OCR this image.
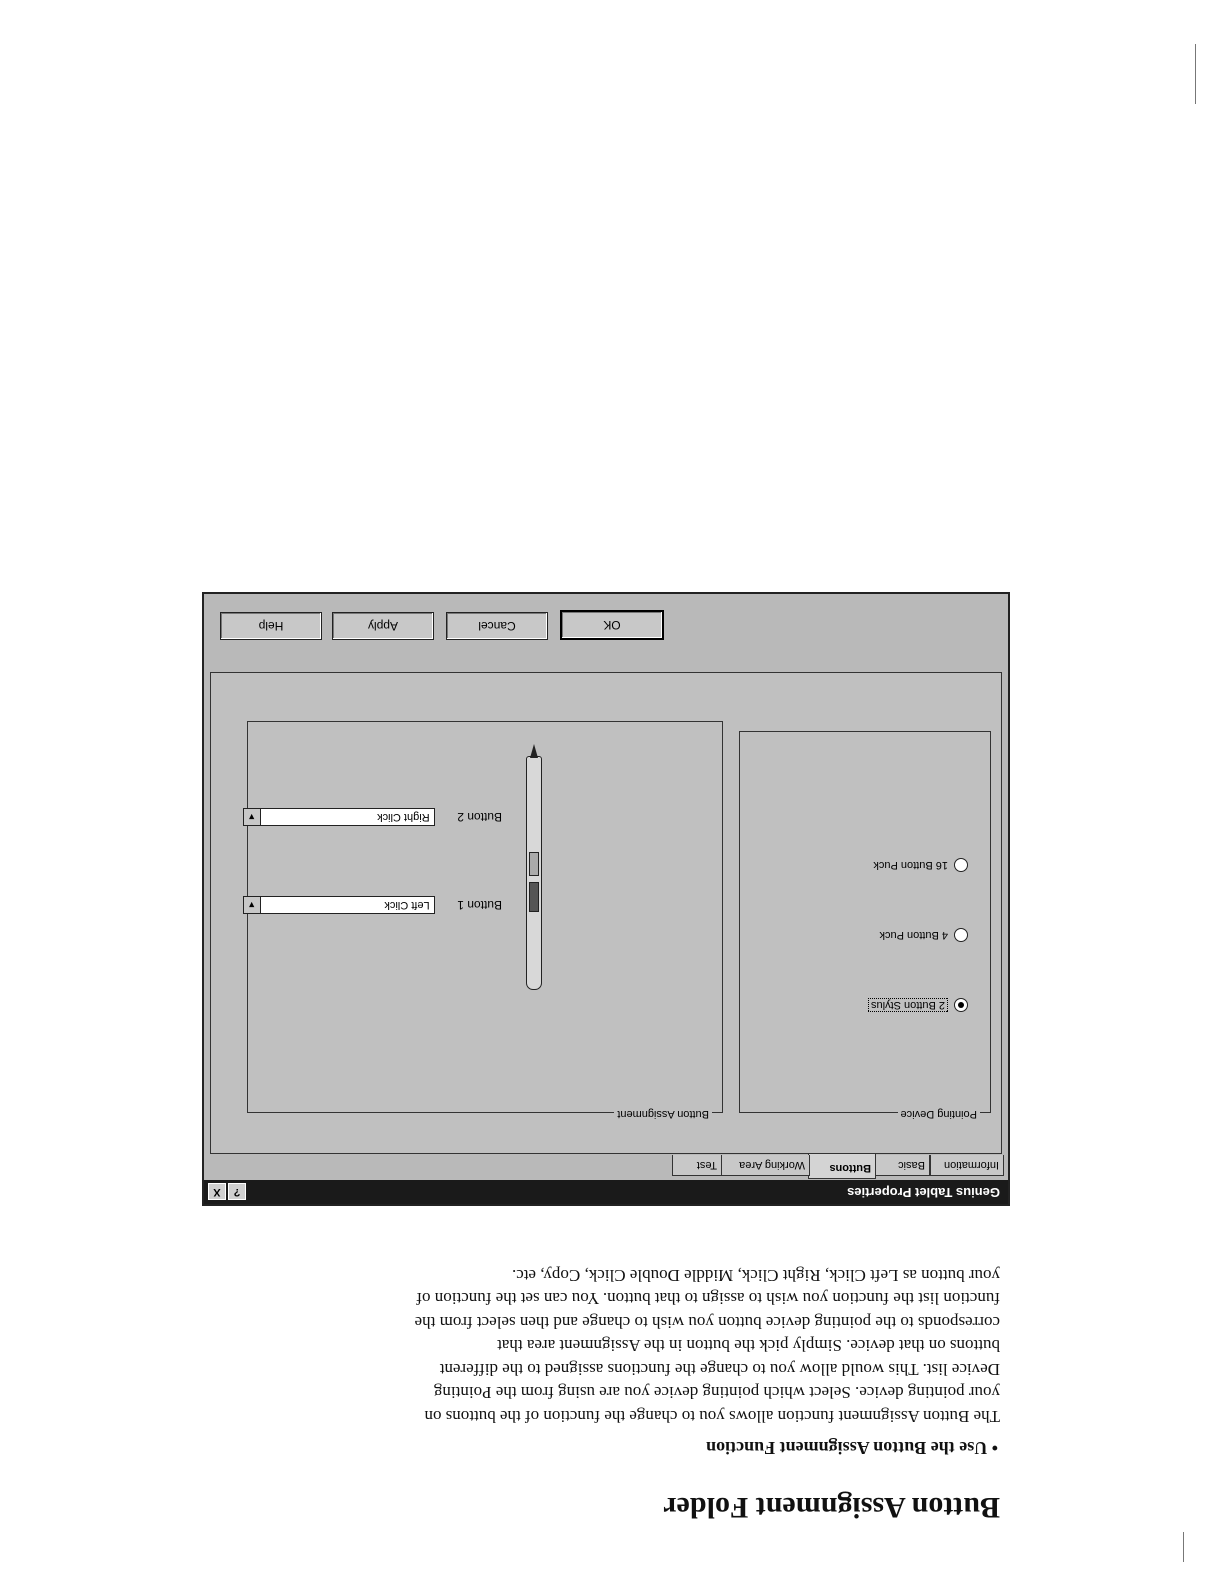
Button Assignment Folder
• Use the Button Assignment Function
The Button Assignment function allows you to change the function of the buttons on
your pointing device. Select which pointing device you are using from the Pointing
Device list. This would allow you to change the functions assigned to the different
buttons on that device. Simply pick the button in the Assignment area that
corresponds to the pointing device button you wish to change and then select from the
function list the function you wish to assign to that button. You can set the function of
your button as Left Click, Right Click, Middle Double Click, Copy, etc.
Genius Tablet Properties
?
X
Information
Basic
Buttons
Working Area
Test
Pointing Device
2 Button Stylus
4 Button Puck
16 Button Puck
Button Assignment
Button 1
Left Click
▼
Button 2
Right Click
▼
OK
Cancel
Apply
Help
